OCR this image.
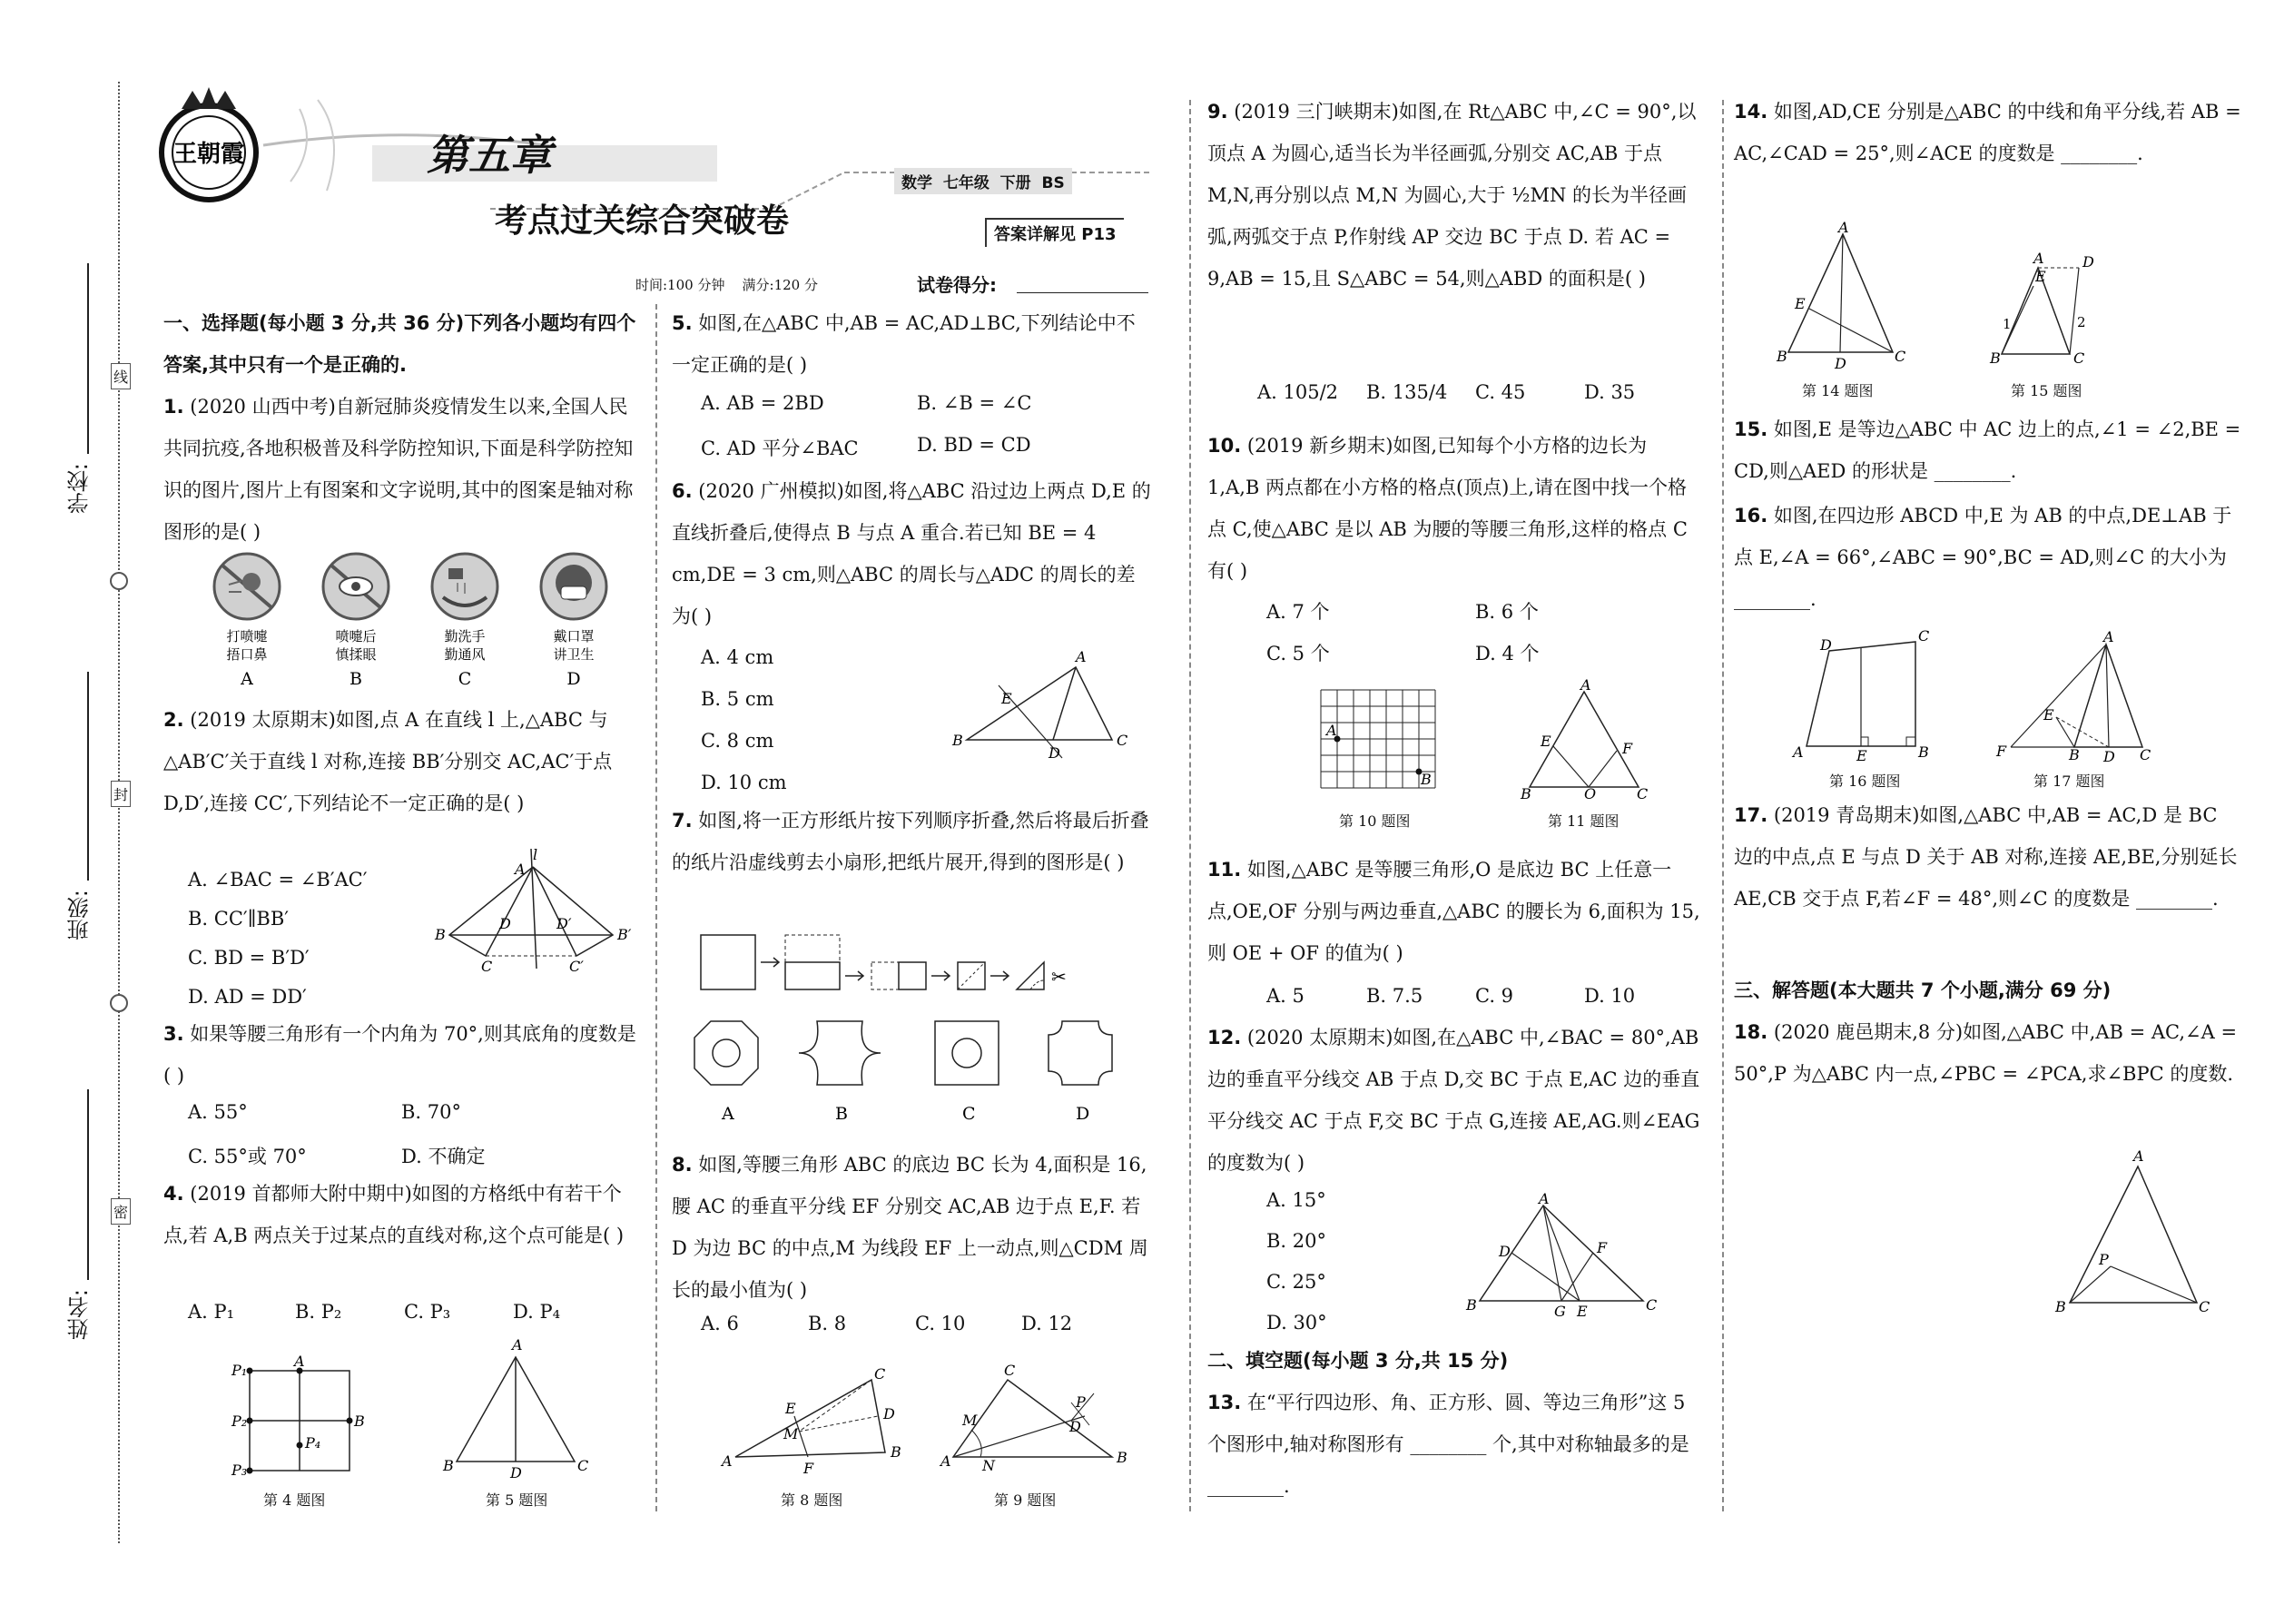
学校:
班级:
姓名:
线
封
密
王朝霞	第五章
数学  七年级  下册  BS
考点过关综合突破卷	答案详解见 P13
时间:100 分钟    满分:120 分	试卷得分:
一、选择题(每小题 3 分,共 36 分)下列各小题均有四个答案,其中只有一个是正确的.
1. (2020 山西中考)自新冠肺炎疫情发生以来,全国人民共同抗疫,各地积极普及科学防控知识,下面是科学防控知识的图片,图片上有图案和文字说明,其中的图案是轴对称图形的是( )
打喷嚏
捂口鼻
A
喷嚏后
慎揉眼
B
勤洗手
勤通风
C
戴口罩
讲卫生
D
2. (2019 太原期末)如图,点 A 在直线 l 上,△ABC 与△AB′C′关于直线 l 对称,连接 BB′分别交 AC,AC′于点 D,D′,连接 CC′,下列结论不一定正确的是( )
A. ∠BAC = ∠B′AC′
B. CC′∥BB′
C. BD = B′D′
D. AD = DD′
l
A
B	B′
C	C′
D	D′
3. 如果等腰三角形有一个内角为 70°,则其底角的度数是( )
A. 55°	B. 70°
C. 55°或 70°	D. 不确定
4. (2019 首都师大附中期中)如图的方格纸中有若干个点,若 A,B 两点关于过某点的直线对称,这个点可能是( )
A. P₁	B. P₂	C. P₃	D. P₄
P₁
A
P₂	B
P₄
P₃
A
B	C
D
第 4 题图	第 5 题图
5. 如图,在△ABC 中,AB = AC,AD⊥BC,下列结论中不一定正确的是( )
A. AB = 2BD	B. ∠B = ∠C
C. AD 平分∠BAC	D. BD = CD
6. (2020 广州模拟)如图,将△ABC 沿过边上两点 D,E 的直线折叠后,使得点 B 与点 A 重合.若已知 BE = 4 cm,DE = 3 cm,则△ABC 的周长与△ADC 的周长的差为( )
A. 4 cm
B. 5 cm
C. 8 cm
D. 10 cm
A
B	C
D
E
7. 如图,将一正方形纸片按下列顺序折叠,然后将最后折叠的纸片沿虚线剪去小扇形,把纸片展开,得到的图形是( )
✂
A	B	C	D
8. 如图,等腰三角形 ABC 的底边 BC 长为 4,面积是 16,腰 AC 的垂直平分线 EF 分别交 AC,AB 边于点 E,F. 若 D 为边 BC 的中点,M 为线段 EF 上一动点,则△CDM 周长的最小值为( )
A. 6	B. 8	C. 10	D. 12
A
C
B
E
F
D
M
A
C
B
M
N
D
P
第 8 题图	第 9 题图
9. (2019 三门峡期末)如图,在 Rt△ABC 中,∠C = 90°,以顶点 A 为圆心,适当长为半径画弧,分别交 AC,AB 于点 M,N,再分别以点 M,N 为圆心,大于 ½MN 的长为半径画弧,两弧交于点 P,作射线 AP 交边 BC 于点 D. 若 AC = 9,AB = 15,且 S△ABC = 54,则△ABD 的面积是( )
A. 105/2 B. 135/4 C. 45	D. 35
10. (2019 新乡期末)如图,已知每个小方格的边长为 1,A,B 两点都在小方格的格点(顶点)上,请在图中找一个格点 C,使△ABC 是以 AB 为腰的等腰三角形,这样的格点 C 有( )
A. 7 个	B. 6 个
C. 5 个	D. 4 个
A
B
A
B	C
O
E	F
第 10 题图	第 11 题图
11. 如图,△ABC 是等腰三角形,O 是底边 BC 上任意一点,OE,OF 分别与两边垂直,△ABC 的腰长为 6,面积为 15,则 OE + OF 的值为( )
A. 5	B. 7.5	C. 9	D. 10
12. (2020 太原期末)如图,在△ABC 中,∠BAC = 80°,AB 边的垂直平分线交 AB 于点 D,交 BC 于点 E,AC 边的垂直平分线交 AC 于点 F,交 BC 于点 G,连接 AE,AG.则∠EAG 的度数为( )
A. 15°
B. 20°
C. 25°
D. 30°
A
B	C
D	F
G E
二、填空题(每小题 3 分,共 15 分)
13. 在“平行四边形、角、正方形、圆、等边三角形”这 5 个图形中,轴对称图形有 ________ 个,其中对称轴最多的是 ________.
14. 如图,AD,CE 分别是△ABC 的中线和角平分线,若 AB = AC,∠CAD = 25°,则∠ACE 的度数是 ________.
A
B	C
D
E
A	D
B	C
E
1	2
第 14 题图	第 15 题图
15. 如图,E 是等边△ABC 中 AC 边上的点,∠1 = ∠2,BE = CD,则△AED 的形状是 ________.
16. 如图,在四边形 ABCD 中,E 为 AB 的中点,DE⊥AB 于点 E,∠A = 66°,∠ABC = 90°,BC = AD,则∠C 的大小为 ________.
D
C
A	E	B
A
F	B D C
E
第 16 题图	第 17 题图
17. (2019 青岛期末)如图,△ABC 中,AB = AC,D 是 BC 边的中点,点 E 与点 D 关于 AB 对称,连接 AE,BE,分别延长 AE,CB 交于点 F,若∠F = 48°,则∠C 的度数是 ________.
三、解答题(本大题共 7 个小题,满分 69 分)
18. (2020 鹿邑期末,8 分)如图,△ABC 中,AB = AC,∠A = 50°,P 为△ABC 内一点,∠PBC = ∠PCA,求∠BPC 的度数.
A
B	C
P
